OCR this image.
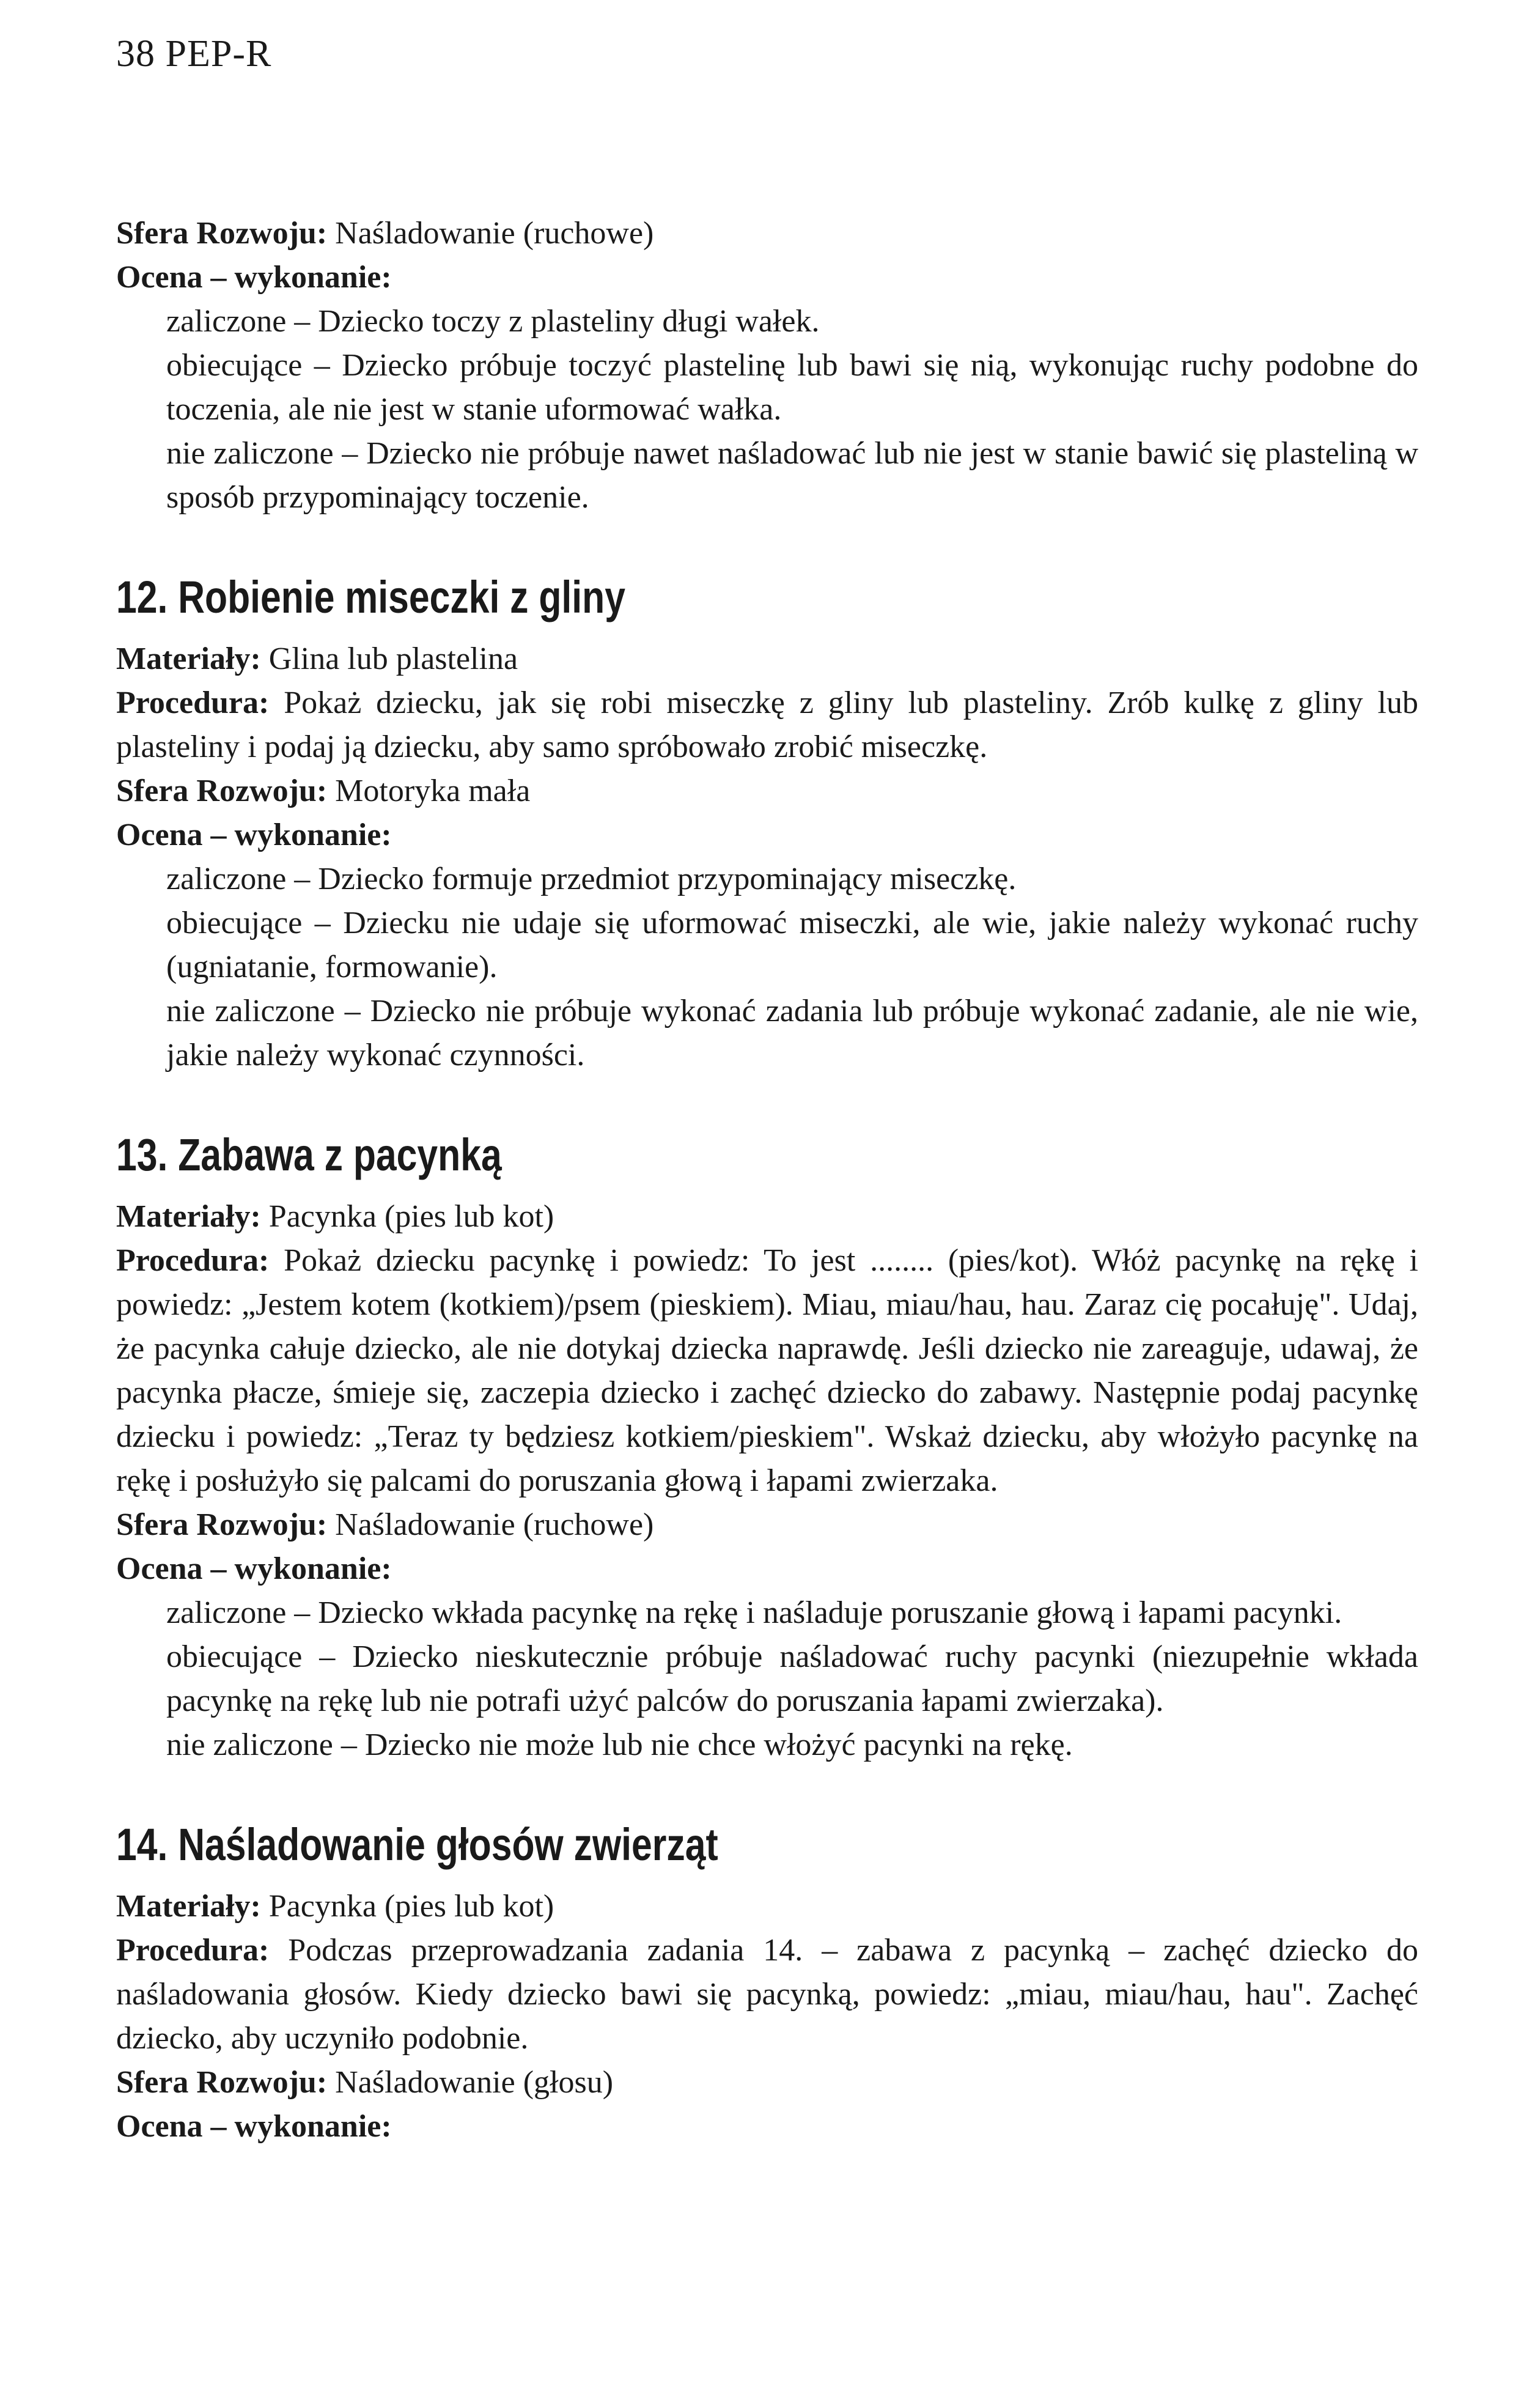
38 PEP-R

Sfera Rozwoju: Naśladowanie (ruchowe)

Ocena – wykonanie:

zaliczone – Dziecko toczy z plasteliny długi wałek.

obiecujące – Dziecko próbuje toczyć plastelinę lub bawi się nią, wykonując ruchy podobne do toczenia, ale nie jest w stanie uformować wałka.

nie zaliczone – Dziecko nie próbuje nawet naśladować lub nie jest w stanie bawić się plasteliną w sposób przypominający toczenie.

12. Robienie miseczki z gliny

Materiały: Glina lub plastelina

Procedura: Pokaż dziecku, jak się robi miseczkę z gliny lub plasteliny. Zrób kulkę z gliny lub plasteliny i podaj ją dziecku, aby samo spróbowało zrobić miseczkę.

Sfera Rozwoju: Motoryka mała

Ocena – wykonanie:

zaliczone – Dziecko formuje przedmiot przypominający miseczkę.

obiecujące – Dziecku nie udaje się uformować miseczki, ale wie, jakie należy wykonać ruchy (ugniatanie, formowanie).

nie zaliczone – Dziecko nie próbuje wykonać zadania lub próbuje wykonać zadanie, ale nie wie, jakie należy wykonać czynności.

13. Zabawa z pacynką

Materiały: Pacynka (pies lub kot)

Procedura: Pokaż dziecku pacynkę i powiedz: To jest ........ (pies/kot). Włóż pacynkę na rękę i powiedz: „Jestem kotem (kotkiem)/psem (pieskiem). Miau, miau/hau, hau. Zaraz cię pocałuję". Udaj, że pacynka całuje dziecko, ale nie dotykaj dziecka naprawdę. Jeśli dziecko nie zareaguje, udawaj, że pacynka płacze, śmieje się, zaczepia dziecko i zachęć dziecko do zabawy. Następnie podaj pacynkę dziecku i powiedz: „Teraz ty będziesz kotkiem/pieskiem". Wskaż dziecku, aby włożyło pacynkę na rękę i posłużyło się palcami do poruszania głową i łapami zwierzaka.

Sfera Rozwoju: Naśladowanie (ruchowe)

Ocena – wykonanie:

zaliczone – Dziecko wkłada pacynkę na rękę i naśladuje poruszanie głową i łapami pacynki.

obiecujące – Dziecko nieskutecznie próbuje naśladować ruchy pacynki (niezupełnie wkłada pacynkę na rękę lub nie potrafi użyć palców do poruszania łapami zwierzaka).

nie zaliczone – Dziecko nie może lub nie chce włożyć pacynki na rękę.

14. Naśladowanie głosów zwierząt

Materiały: Pacynka (pies lub kot)

Procedura: Podczas przeprowadzania zadania 14. – zabawa z pacynką – zachęć dziecko do naśladowania głosów. Kiedy dziecko bawi się pacynką, powiedz: „miau, miau/hau, hau". Zachęć dziecko, aby uczyniło podobnie.

Sfera Rozwoju: Naśladowanie (głosu)

Ocena – wykonanie:
